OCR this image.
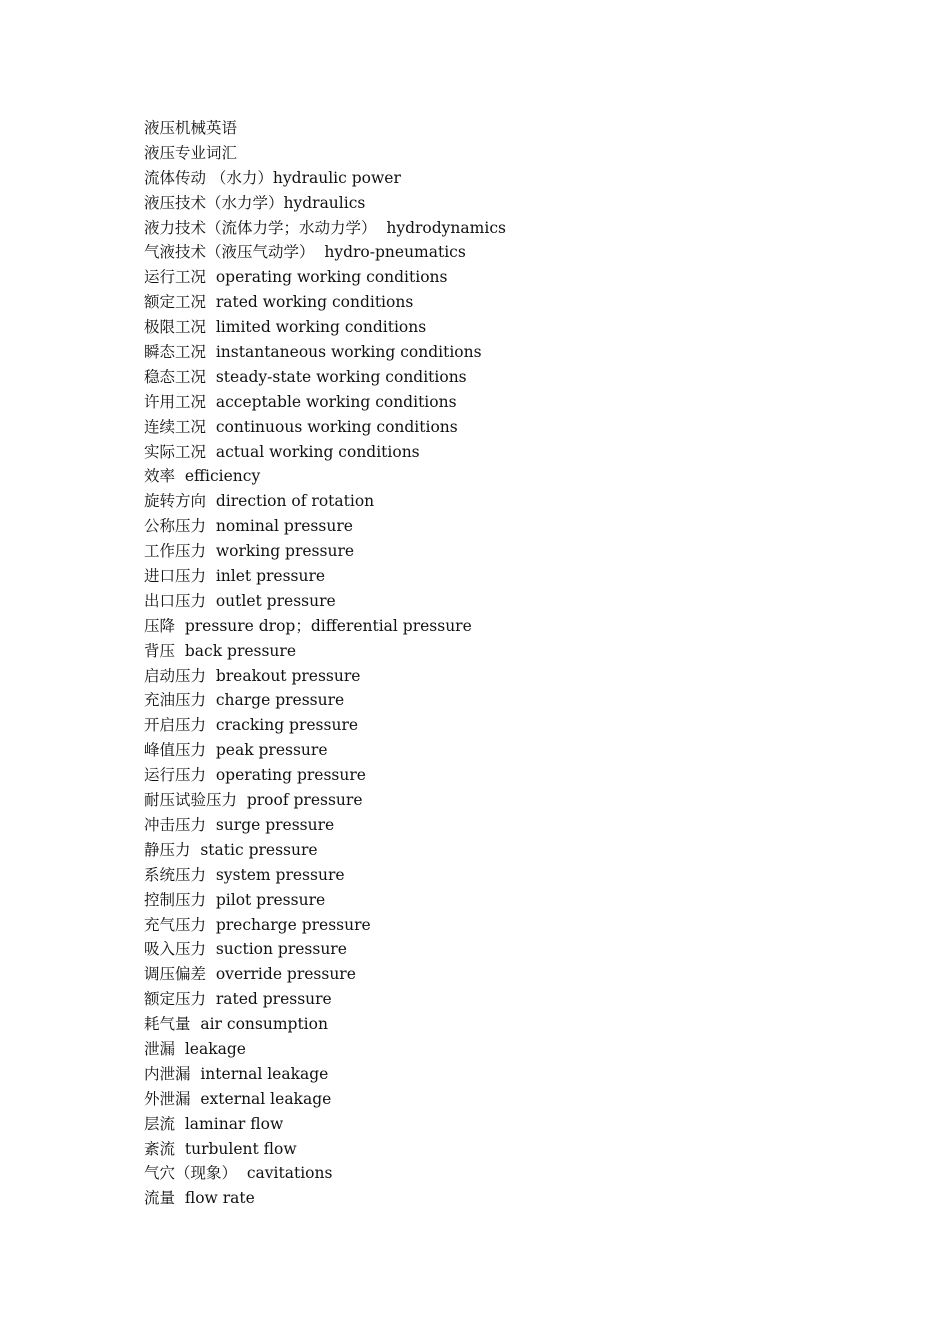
液压机械英语
液压专业词汇
流体传动 （水力）hydraulic power
液压技术（水力学）hydraulics
液力技术（流体力学；水动力学）  hydrodynamics
气液技术（液压气动学）  hydro-pneumatics
运行工况  operating working conditions
额定工况  rated working conditions
极限工况  limited working conditions
瞬态工况  instantaneous working conditions
稳态工况  steady-state working conditions
许用工况  acceptable working conditions
连续工况  continuous working conditions
实际工况  actual working conditions
效率  efficiency
旋转方向  direction of rotation
公称压力  nominal pressure
工作压力  working pressure
进口压力  inlet pressure
出口压力  outlet pressure
压降  pressure drop；differential pressure
背压  back pressure
启动压力  breakout pressure
充油压力  charge pressure
开启压力  cracking pressure
峰值压力  peak pressure
运行压力  operating pressure
耐压试验压力  proof pressure
冲击压力  surge pressure
静压力  static pressure
系统压力  system pressure
控制压力  pilot pressure
充气压力  precharge pressure
吸入压力  suction pressure
调压偏差  override pressure
额定压力  rated pressure
耗气量  air consumption
泄漏  leakage
内泄漏  internal leakage
外泄漏  external leakage
层流  laminar flow
紊流  turbulent flow
气穴（现象）  cavitations
流量  flow rate
